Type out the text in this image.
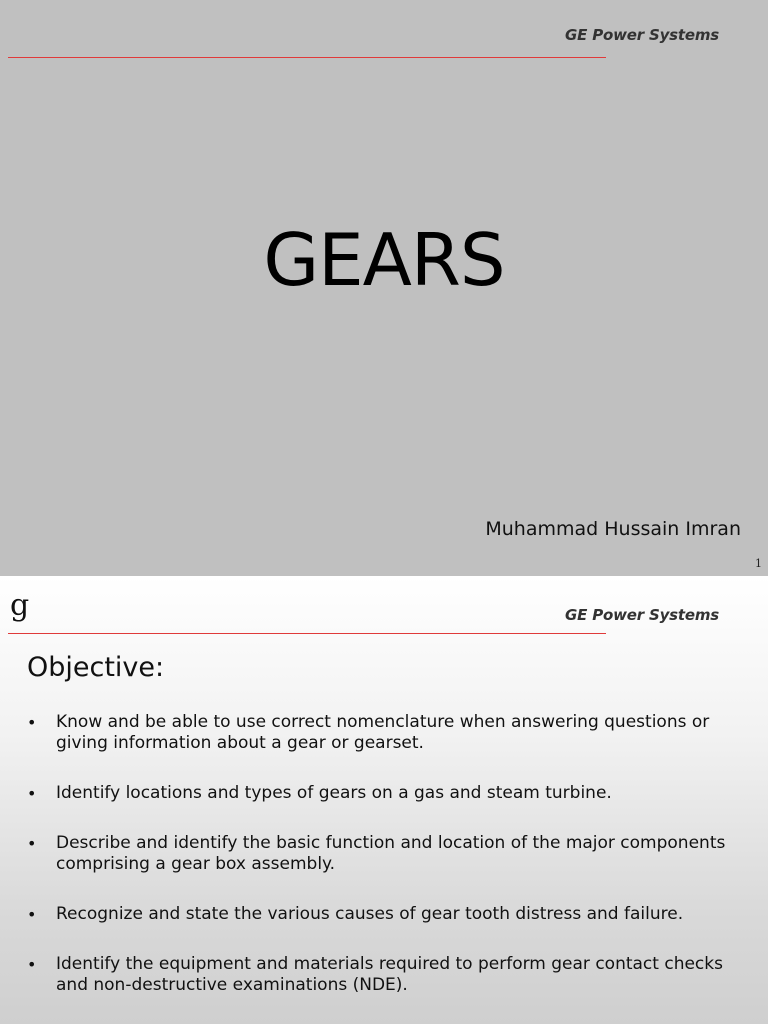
GE Power Systems
GEARS
Muhammad Hussain Imran
1
g	GE Power Systems
Objective:
• Know and be able to use correct nomenclature when answering questions or giving information about a gear or gearset.
• Identify locations and types of gears on a gas and steam turbine.
• Describe and identify the basic function and location of the major components comprising a gear box assembly.
• Recognize and state the various causes of gear tooth distress and failure.
• Identify the equipment and materials required to perform gear contact checks and non-destructive examinations (NDE).
